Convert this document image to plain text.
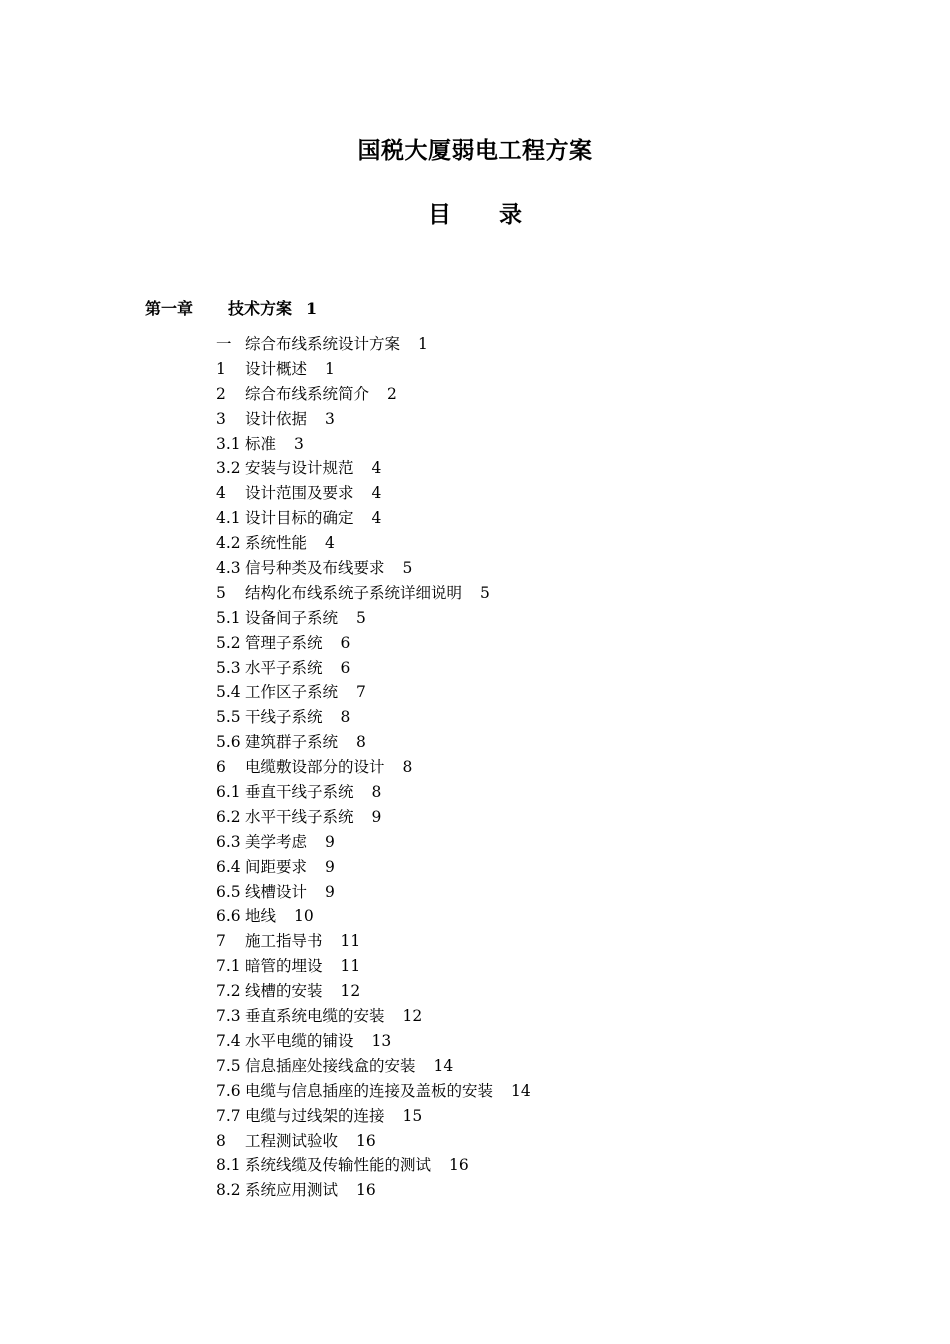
国税大厦弱电工程方案
目 录
第一章 技术方案 1
一 综合布线系统设计方案 1
1 设计概述 1
2 综合布线系统简介 2
3 设计依据 3
3.1 标准 3
3.2 安装与设计规范 4
4 设计范围及要求 4
4.1 设计目标的确定 4
4.2 系统性能 4
4.3 信号种类及布线要求 5
5 结构化布线系统子系统详细说明 5
5.1 设备间子系统 5
5.2 管理子系统 6
5.3 水平子系统 6
5.4 工作区子系统 7
5.5 干线子系统 8
5.6 建筑群子系统 8
6 电缆敷设部分的设计 8
6.1 垂直干线子系统 8
6.2 水平干线子系统 9
6.3 美学考虑 9
6.4 间距要求 9
6.5 线槽设计 9
6.6 地线 10
7 施工指导书 11
7.1 暗管的埋设 11
7.2 线槽的安装 12
7.3 垂直系统电缆的安装 12
7.4 水平电缆的铺设 13
7.5 信息插座处接线盒的安装 14
7.6 电缆与信息插座的连接及盖板的安装 14
7.7 电缆与过线架的连接 15
8 工程测试验收 16
8.1 系统线缆及传输性能的测试 16
8.2 系统应用测试 16
